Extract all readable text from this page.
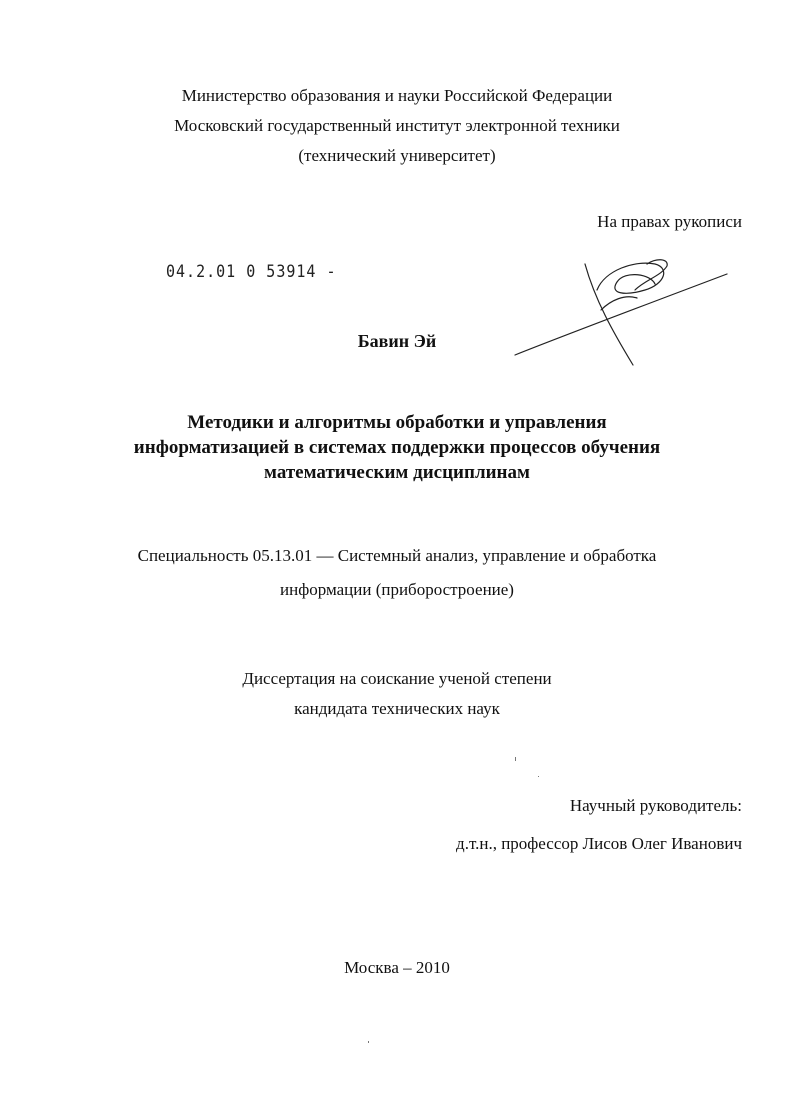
Министерство образования и науки Российской Федерации
Московский государственный институт электронной техники
(технический университет)
На правах рукописи
04.2.01 0 53914 -
Бавин Эй
Методики и алгоритмы обработки и управления
информатизацией в системах поддержки процессов обучения
математическим дисциплинам
Специальность 05.13.01 — Системный анализ, управление и обработка
информации (приборостроение)
Диссертация на соискание ученой степени
кандидата технических наук
Научный руководитель:
д.т.н., профессор Лисов Олег Иванович
Москва – 2010
